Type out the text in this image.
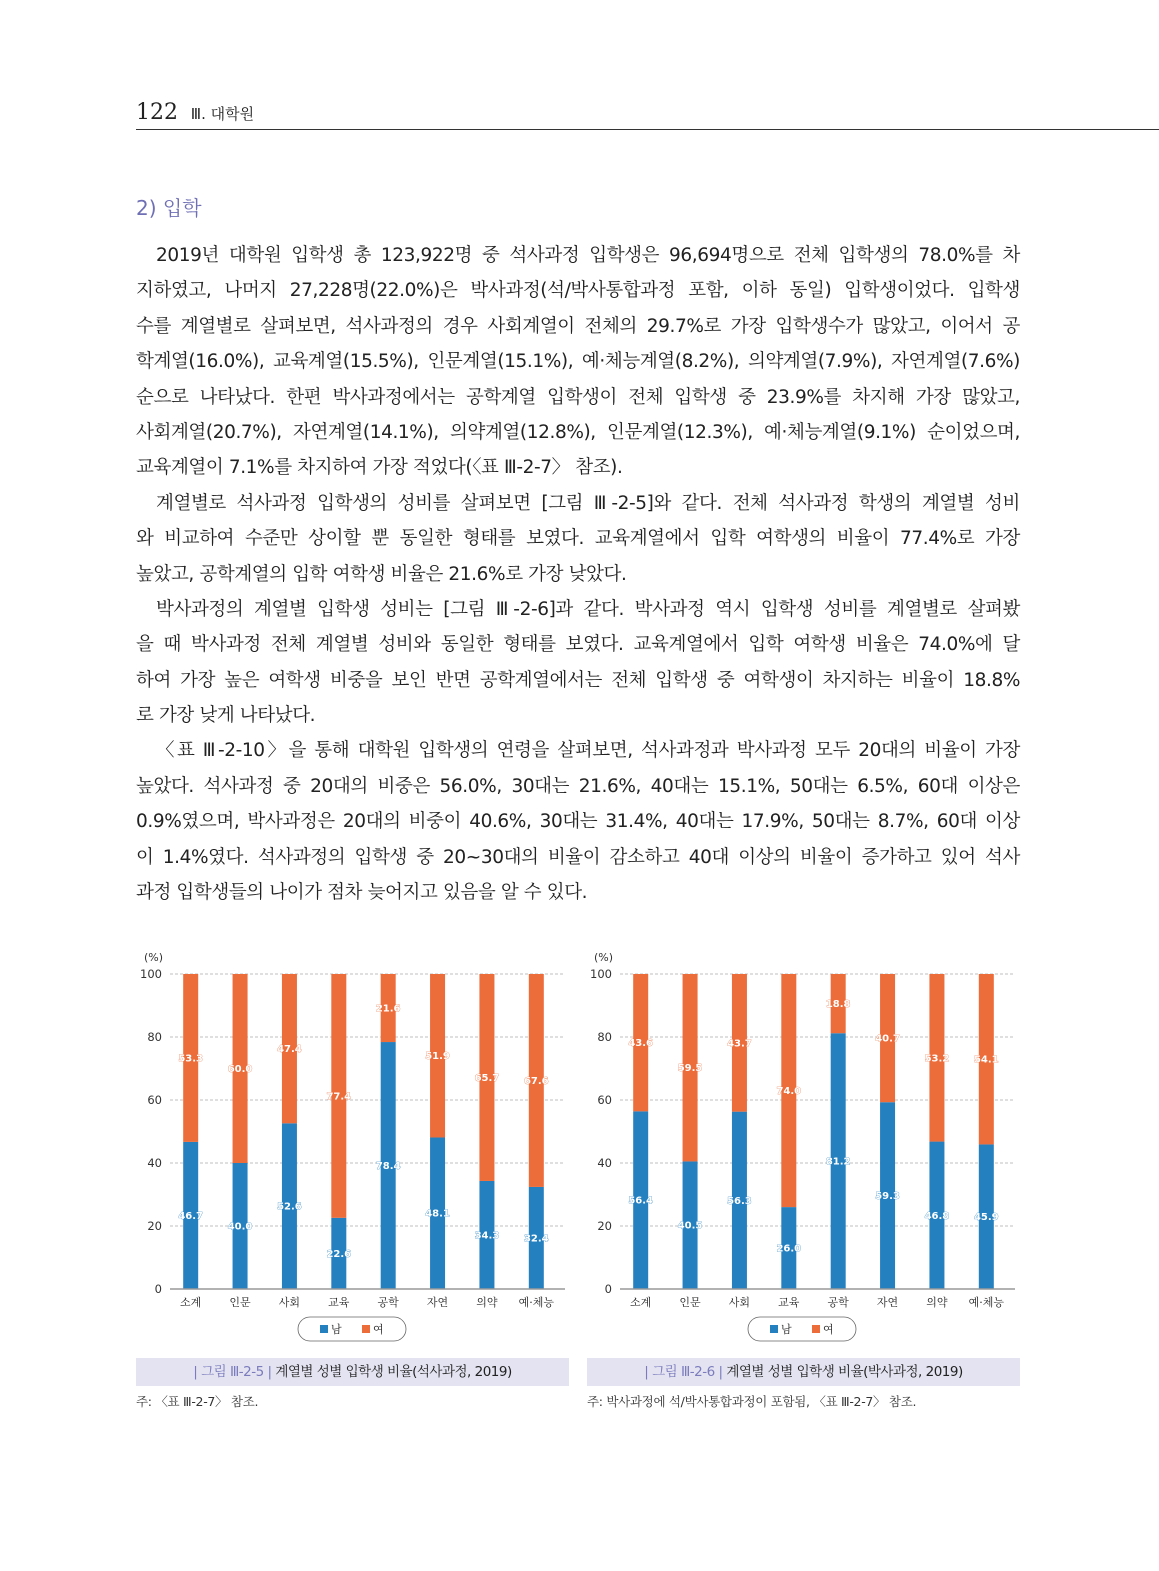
122 Ⅲ. 대학원
2) 입학
2019년 대학원 입학생 총 123,922명 중 석사과정 입학생은 96,694명으로 전체 입학생의 78.0%를 차
지하였고, 나머지 27,228명(22.0%)은 박사과정(석/박사통합과정 포함, 이하 동일) 입학생이었다. 입학생
수를 계열별로 살펴보면, 석사과정의 경우 사회계열이 전체의 29.7%로 가장 입학생수가 많았고, 이어서 공
학계열(16.0%), 교육계열(15.5%), 인문계열(15.1%), 예·체능계열(8.2%), 의약계열(7.9%), 자연계열(7.6%)
순으로 나타났다. 한편 박사과정에서는 공학계열 입학생이 전체 입학생 중 23.9%를 차지해 가장 많았고,
사회계열(20.7%), 자연계열(14.1%), 의약계열(12.8%), 인문계열(12.3%), 예·체능계열(9.1%) 순이었으며,
교육계열이 7.1%를 차지하여 가장 적었다(〈표 Ⅲ-2-7〉 참조).
계열별로 석사과정 입학생의 성비를 살펴보면 [그림 Ⅲ-2-5]와 같다. 전체 석사과정 학생의 계열별 성비
와 비교하여 수준만 상이할 뿐 동일한 형태를 보였다. 교육계열에서 입학 여학생의 비율이 77.4%로 가장
높았고, 공학계열의 입학 여학생 비율은 21.6%로 가장 낮았다.
박사과정의 계열별 입학생 성비는 [그림 Ⅲ-2-6]과 같다. 박사과정 역시 입학생 성비를 계열별로 살펴봤
을 때 박사과정 전체 계열별 성비와 동일한 형태를 보였다. 교육계열에서 입학 여학생 비율은 74.0%에 달
하여 가장 높은 여학생 비중을 보인 반면 공학계열에서는 전체 입학생 중 여학생이 차지하는 비율이 18.8%
로 가장 낮게 나타났다.
〈표 Ⅲ-2-10〉을 통해 대학원 입학생의 연령을 살펴보면, 석사과정과 박사과정 모두 20대의 비율이 가장
높았다. 석사과정 중 20대의 비중은 56.0%, 30대는 21.6%, 40대는 15.1%, 50대는 6.5%, 60대 이상은
0.9%였으며, 박사과정은 20대의 비중이 40.6%, 30대는 31.4%, 40대는 17.9%, 50대는 8.7%, 60대 이상
이 1.4%였다. 석사과정의 입학생 중 20~30대의 비율이 감소하고 40대 이상의 비율이 증가하고 있어 석사
과정 입학생들의 나이가 점차 늦어지고 있음을 알 수 있다.
(%)
0
20
40
60
80
100
46.7
53.3
소계
40.0
60.0
인문
52.6
47.4
사회
22.6
77.4
교육
78.4
21.6
공학
48.1
51.9
자연
34.3
65.7
의약
32.4
67.6
예·체능
남	여
(%)
0
20
40
60
80
100
56.4
43.6
소계
40.5
59.5
인문
56.3
43.7
사회
26.0
74.0
교육
81.2
18.8
공학
59.3
40.7
자연
46.8
53.2
의약
45.9
54.1
예·체능
남	여
| 그림 Ⅲ-2-5 | 계열별 성별 입학생 비율(석사과정, 2019)	| 그림 Ⅲ-2-6 | 계열별 성별 입학생 비율(박사과정, 2019)
주: 〈표 Ⅲ-2-7〉 참조.	주: 박사과정에 석/박사통합과정이 포함됨, 〈표 Ⅲ-2-7〉 참조.
